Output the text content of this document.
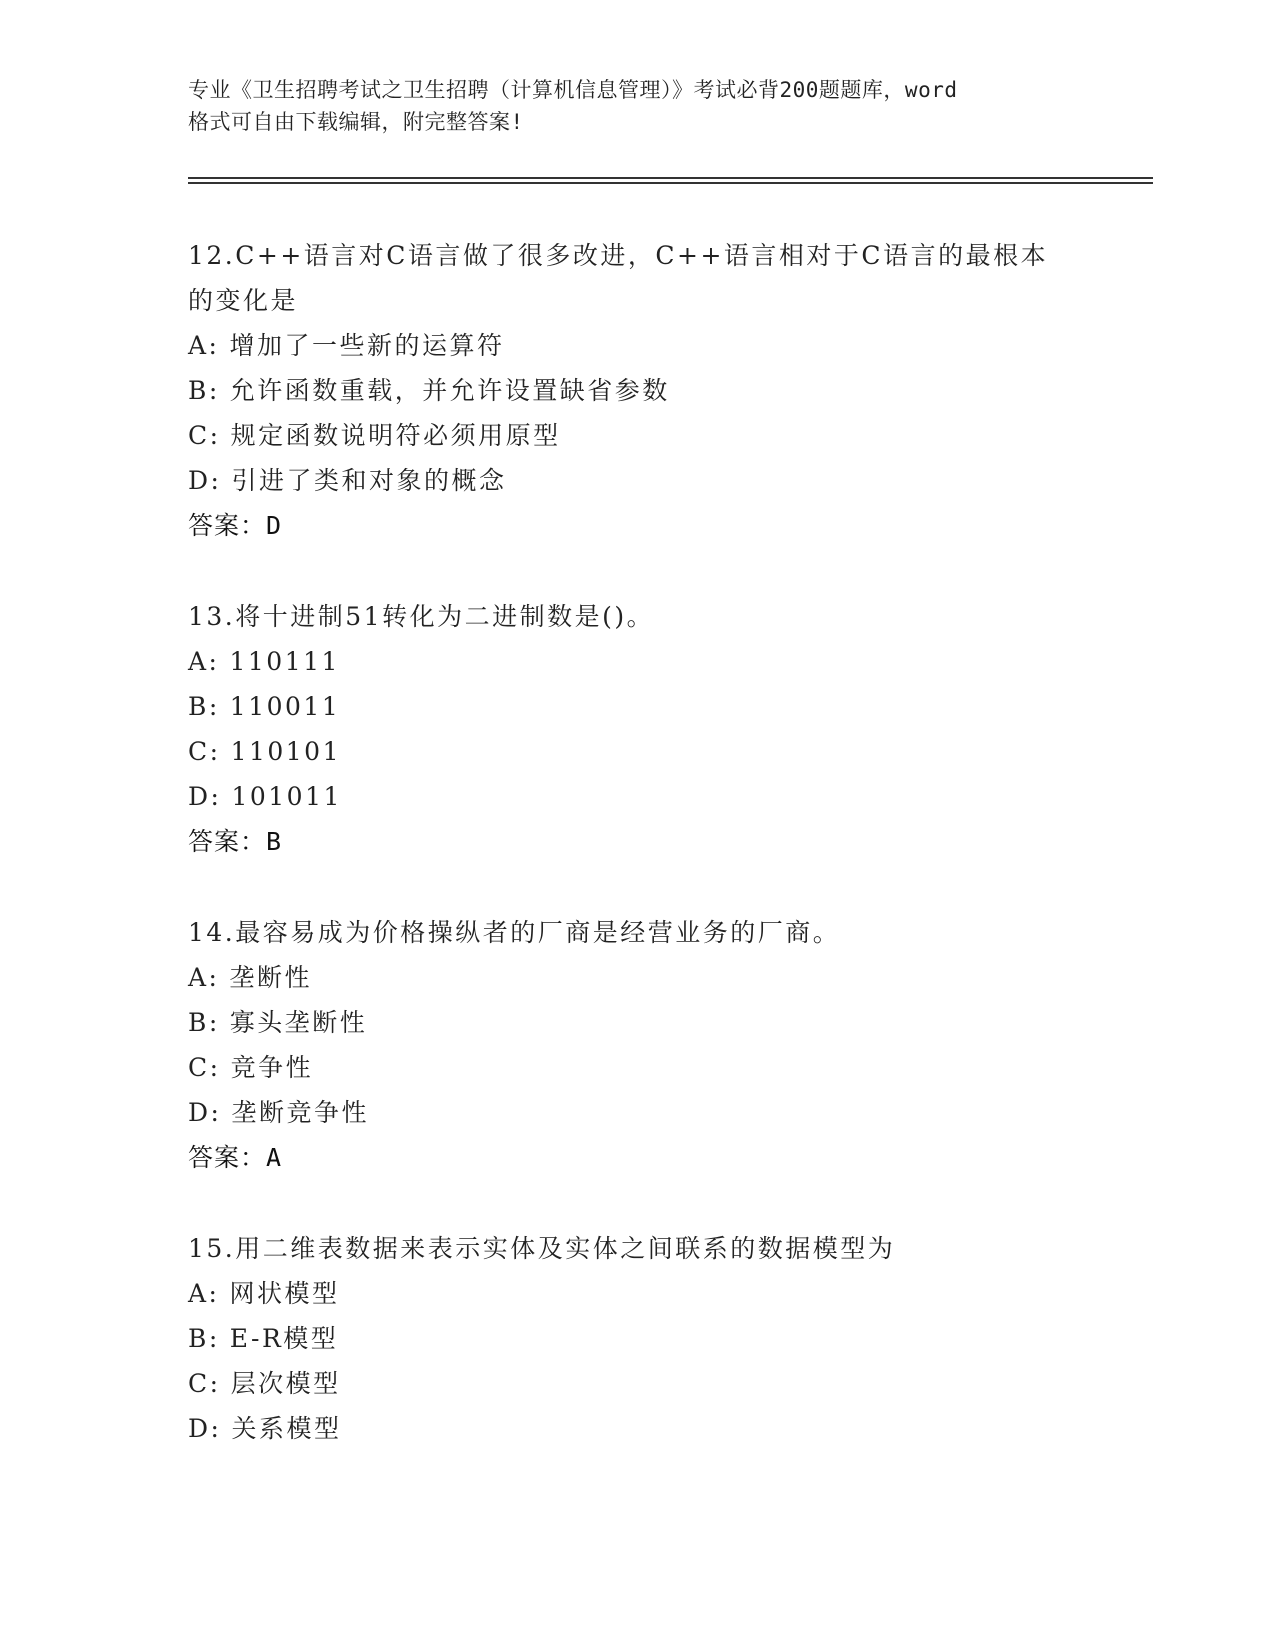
专业《卫生招聘考试之卫生招聘（计算机信息管理）》考试必背200题题库，word
格式可自由下载编辑，附完整答案!
12.C++语言对C语言做了很多改进，C++语言相对于C语言的最根本的变化是
A: 增加了一些新的运算符
B: 允许函数重载，并允许设置缺省参数
C: 规定函数说明符必须用原型
D: 引进了类和对象的概念
答案：D
13.将十进制51转化为二进制数是()。
A: 110111
B: 110011
C: 110101
D: 101011
答案：B
14.最容易成为价格操纵者的厂商是经营业务的厂商。
A: 垄断性
B: 寡头垄断性
C: 竞争性
D: 垄断竞争性
答案：A
15.用二维表数据来表示实体及实体之间联系的数据模型为
A: 网状模型
B: E-R模型
C: 层次模型
D: 关系模型
